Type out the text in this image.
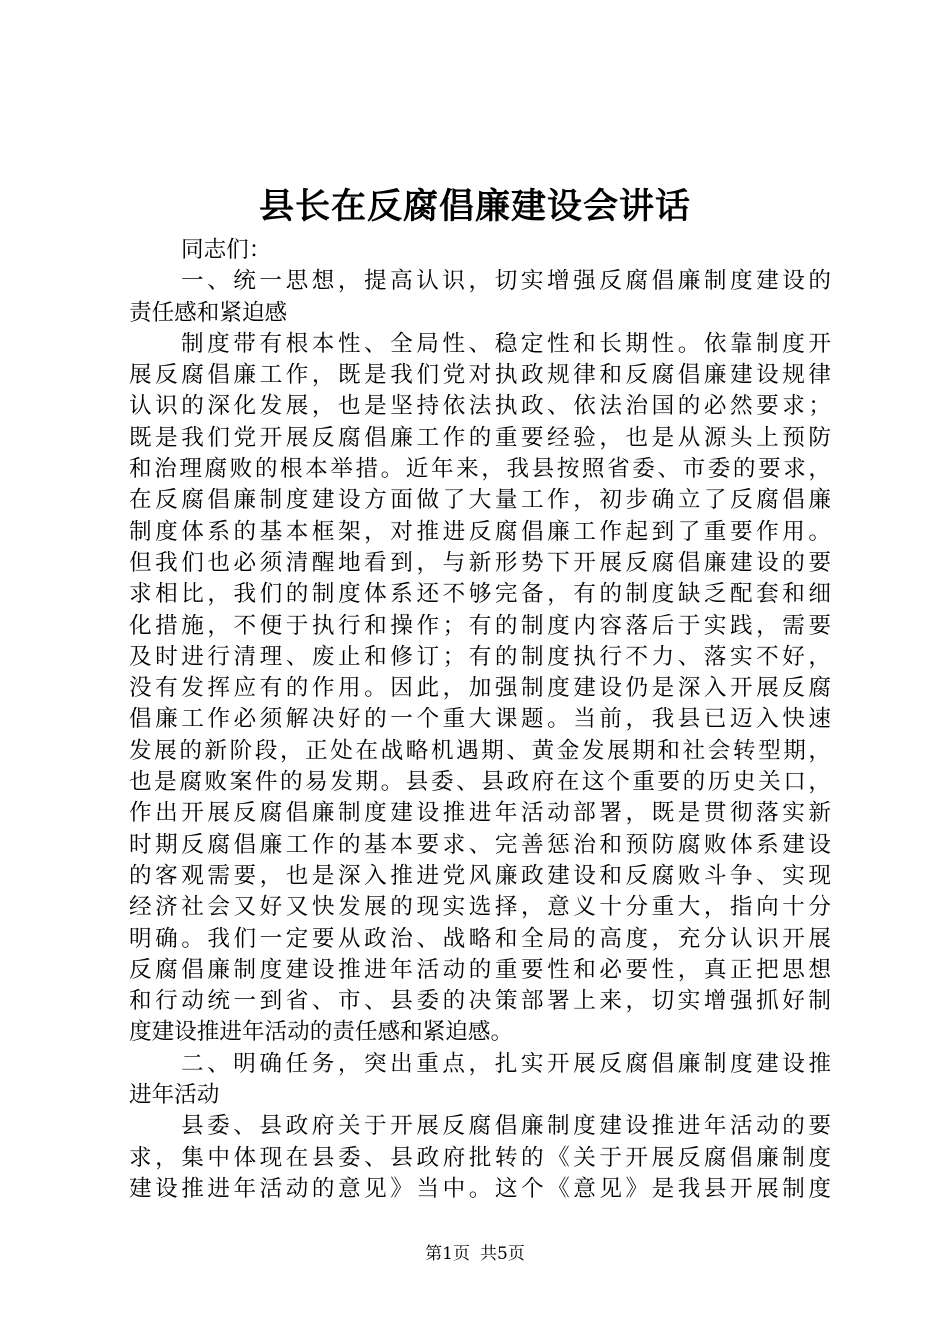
县长在反腐倡廉建设会讲话
同志们：
一、统一思想，提高认识，切实增强反腐倡廉制度建设的
责任感和紧迫感
制度带有根本性、全局性、稳定性和长期性。依靠制度开
展反腐倡廉工作，既是我们党对执政规律和反腐倡廉建设规律
认识的深化发展，也是坚持依法执政、依法治国的必然要求；
既是我们党开展反腐倡廉工作的重要经验，也是从源头上预防
和治理腐败的根本举措。近年来，我县按照省委、市委的要求，
在反腐倡廉制度建设方面做了大量工作，初步确立了反腐倡廉
制度体系的基本框架，对推进反腐倡廉工作起到了重要作用。
但我们也必须清醒地看到，与新形势下开展反腐倡廉建设的要
求相比，我们的制度体系还不够完备，有的制度缺乏配套和细
化措施，不便于执行和操作；有的制度内容落后于实践，需要
及时进行清理、废止和修订；有的制度执行不力、落实不好，
没有发挥应有的作用。因此，加强制度建设仍是深入开展反腐
倡廉工作必须解决好的一个重大课题。当前，我县已迈入快速
发展的新阶段，正处在战略机遇期、黄金发展期和社会转型期，
也是腐败案件的易发期。县委、县政府在这个重要的历史关口，
作出开展反腐倡廉制度建设推进年活动部署，既是贯彻落实新
时期反腐倡廉工作的基本要求、完善惩治和预防腐败体系建设
的客观需要，也是深入推进党风廉政建设和反腐败斗争、实现
经济社会又好又快发展的现实选择，意义十分重大，指向十分
明确。我们一定要从政治、战略和全局的高度，充分认识开展
反腐倡廉制度建设推进年活动的重要性和必要性，真正把思想
和行动统一到省、市、县委的决策部署上来，切实增强抓好制
度建设推进年活动的责任感和紧迫感。
二、明确任务，突出重点，扎实开展反腐倡廉制度建设推
进年活动
县委、县政府关于开展反腐倡廉制度建设推进年活动的要
求，集中体现在县委、县政府批转的《关于开展反腐倡廉制度
建设推进年活动的意见》当中。这个《意见》是我县开展制度
第1页 共5页
